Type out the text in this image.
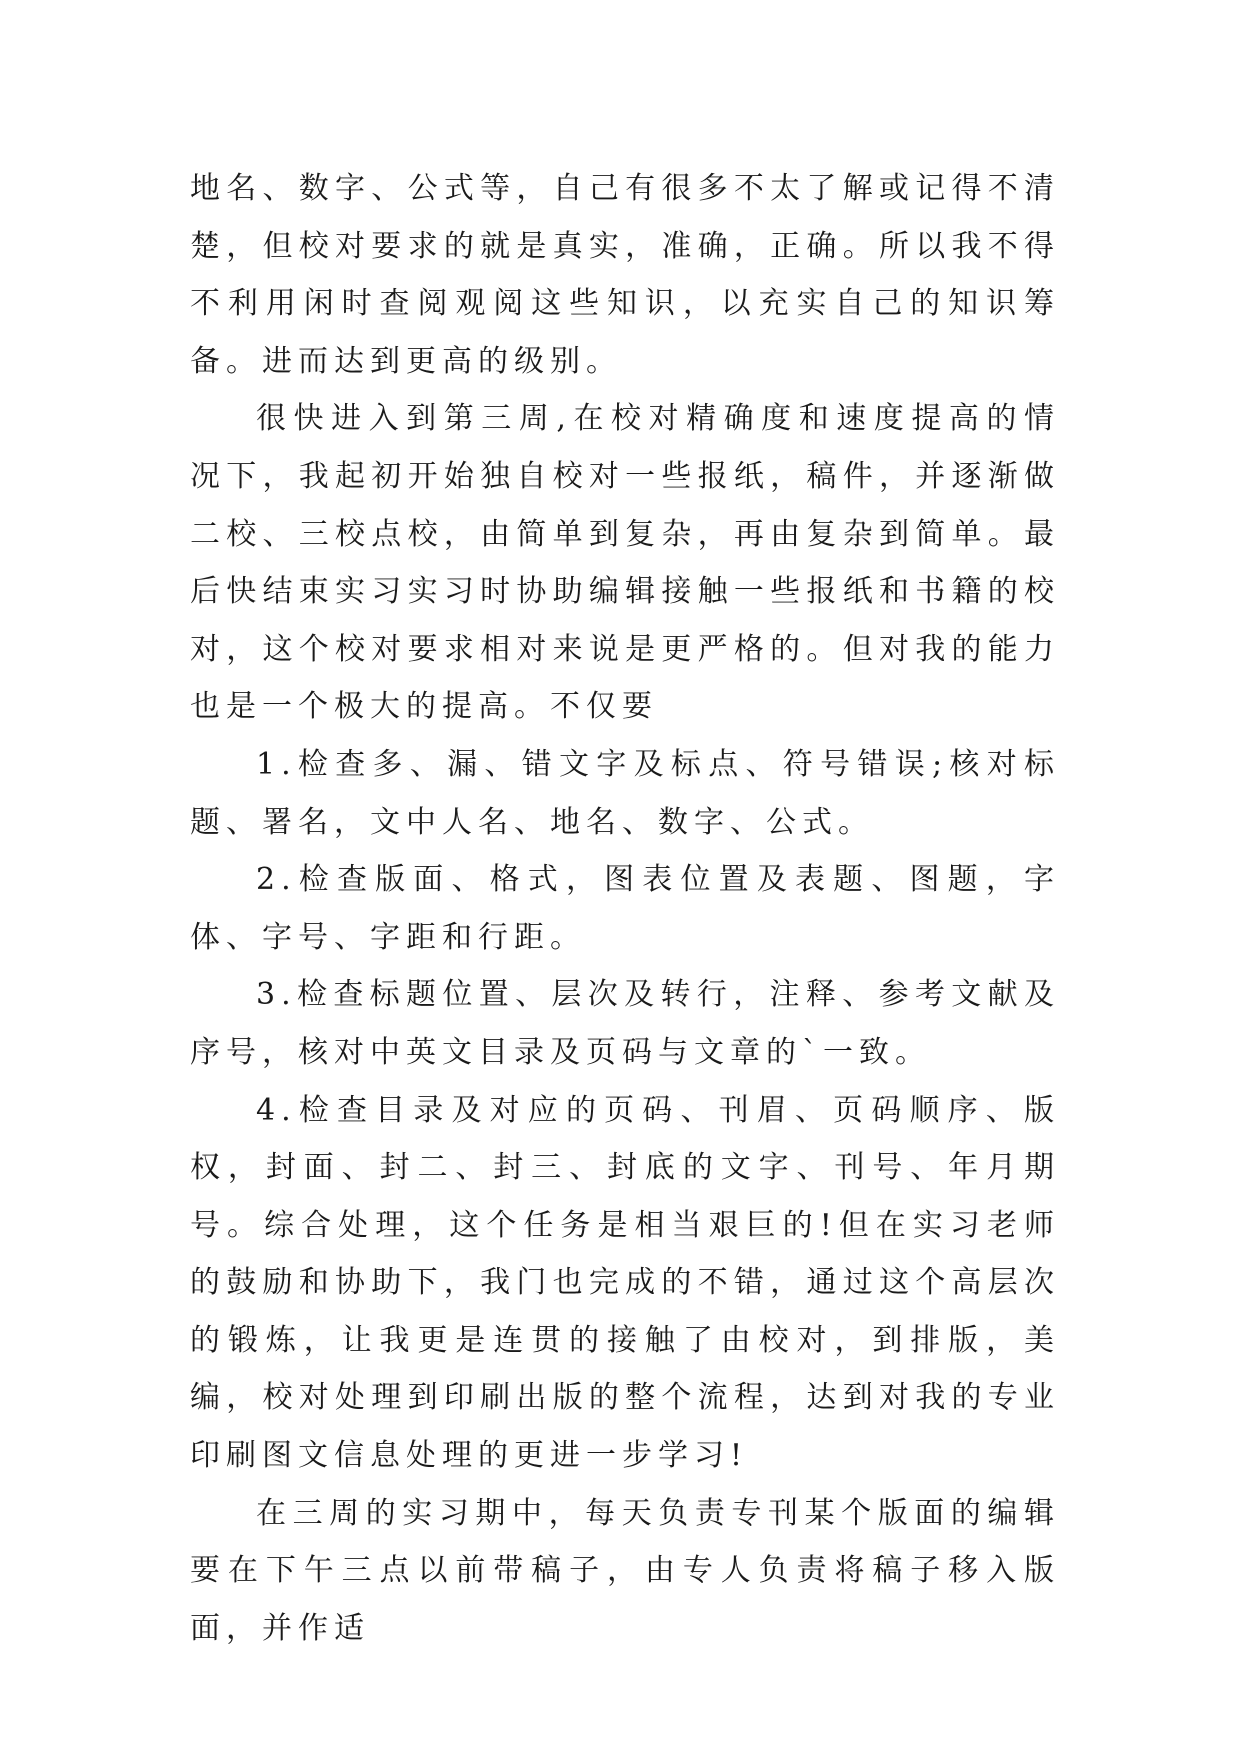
地名、数字、公式等，自己有很多不太了解或记得不清楚，但校对要求的就是真实，准确，正确。所以我不得不利用闲时查阅观阅这些知识，以充实自己的知识筹备。进而达到更高的级别。

很快进入到第三周,在校对精确度和速度提高的情况下，我起初开始独自校对一些报纸，稿件，并逐渐做二校、三校点校，由简单到复杂，再由复杂到简单。最后快结束实习实习时协助编辑接触一些报纸和书籍的校对，这个校对要求相对来说是更严格的。但对我的能力也是一个极大的提高。不仅要

1.检查多、漏、错文字及标点、符号错误;核对标题、署名，文中人名、地名、数字、公式。

2.检查版面、格式，图表位置及表题、图题，字体、字号、字距和行距。

3.检查标题位置、层次及转行，注释、参考文献及序号，核对中英文目录及页码与文章的`一致。

4.检查目录及对应的页码、刊眉、页码顺序、版权，封面、封二、封三、封底的文字、刊号、年月期号。综合处理，这个任务是相当艰巨的!但在实习老师的鼓励和协助下，我门也完成的不错，通过这个高层次的锻炼，让我更是连贯的接触了由校对，到排版，美编，校对处理到印刷出版的整个流程，达到对我的专业印刷图文信息处理的更进一步学习!

在三周的实习期中，每天负责专刊某个版面的编辑要在下午三点以前带稿子，由专人负责将稿子移入版面，并作适
